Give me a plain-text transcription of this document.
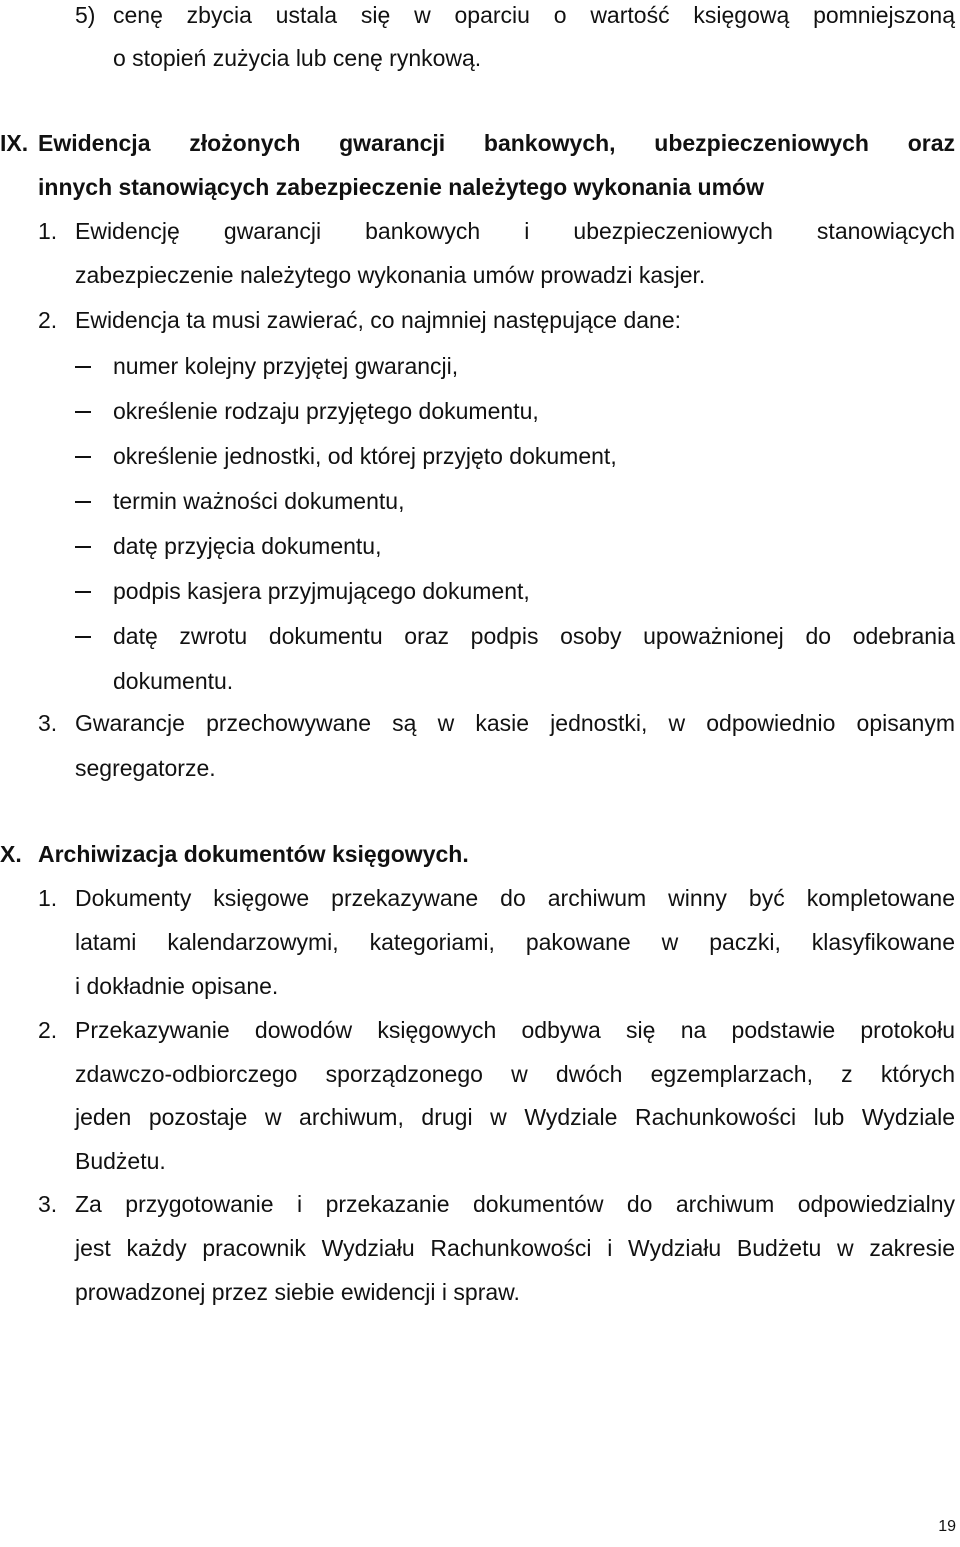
5) cenę zbycia ustala się w oparciu o wartość księgową pomniejszoną
o stopień zużycia lub cenę rynkową.
IX. Ewidencja złożonych gwarancji bankowych, ubezpieczeniowych oraz
innych stanowiących zabezpieczenie należytego wykonania umów
1. Ewidencję gwarancji bankowych i ubezpieczeniowych stanowiących
zabezpieczenie należytego wykonania umów prowadzi kasjer.
2. Ewidencja ta musi zawierać, co najmniej następujące dane:
numer kolejny przyjętej gwarancji,
określenie rodzaju przyjętego dokumentu,
określenie jednostki, od której przyjęto dokument,
termin ważności dokumentu,
datę przyjęcia dokumentu,
podpis kasjera przyjmującego dokument,
datę zwrotu dokumentu oraz podpis osoby upoważnionej do odebrania
dokumentu.
3. Gwarancje przechowywane są w kasie jednostki, w odpowiednio opisanym
segregatorze.
X. Archiwizacja dokumentów księgowych.
1. Dokumenty księgowe przekazywane do archiwum winny być kompletowane
latami kalendarzowymi, kategoriami, pakowane w paczki, klasyfikowane
i dokładnie opisane.
2. Przekazywanie dowodów księgowych odbywa się na podstawie protokołu
zdawczo-odbiorczego sporządzonego w dwóch egzemplarzach, z których
jeden pozostaje w archiwum, drugi w Wydziale Rachunkowości lub Wydziale
Budżetu.
3. Za przygotowanie i przekazanie dokumentów do archiwum odpowiedzialny
jest każdy pracownik Wydziału Rachunkowości i Wydziału Budżetu w zakresie
prowadzonej przez siebie ewidencji i spraw.
19
